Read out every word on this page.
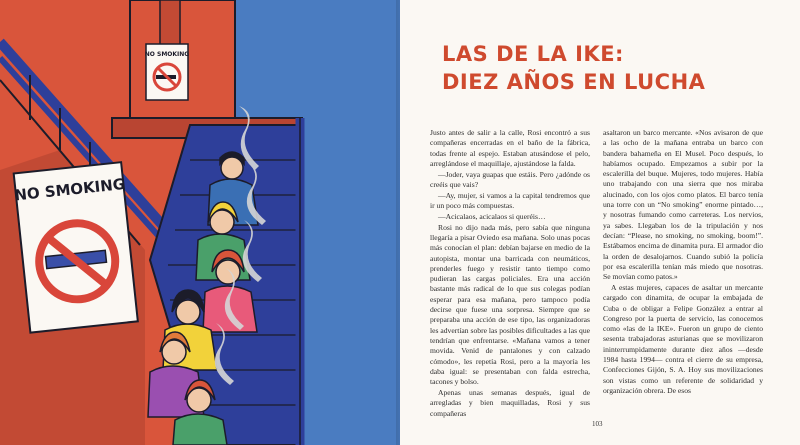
NO SMOKING
NO SMOKING
LAS DE LA IKE:
DIEZ AÑOS EN LUCHA

Justo antes de salir a la calle, Rosi encontró a sus compañeras encerradas en el baño de la fábrica, todas frente al espejo. Estaban atusándose el pelo, arreglándose el maquillaje, ajustándose la falda.

—Joder, vaya guapas que estáis. Pero ¿adónde os creéis que vais?

—Ay, mujer, si vamos a la capital tendremos que ir un poco más compuestas.

—Acicalaos, acicalaos si queréis…

Rosi no dijo nada más, pero sabía que ninguna llegaría a pisar Oviedo esa mañana. Solo unas pocas más conocían el plan: debían bajarse en medio de la autopista, montar una barricada con neumáticos, prenderles fuego y resistir tanto tiempo como pudieran las cargas policiales. Era una acción bastante más radical de lo que sus colegas podían esperar para esa mañana, pero tampoco podía decirse que fuese una sorpresa. Siempre que se preparaba una acción de ese tipo, las organizadoras les advertían sobre las posibles dificultades a las que tendrían que enfrentarse. «Mañana vamos a tener movida. Venid de pantalones y con calzado cómodo», les repetía Rosi, pero a la mayoría les daba igual: se presentaban con falda estrecha, tacones y bolso.

Apenas unas semanas después, igual de arregladas y bien maquilladas, Rosi y sus compañeras

asaltaron un barco mercante. «Nos avisaron de que a las ocho de la mañana entraba un barco con bandera bahameña en El Musel. Poco después, lo habíamos ocupado. Empezamos a subir por la escalerilla del buque. Mujeres, todo mujeres. Había uno trabajando con una sierra que nos miraba alucinado, con los ojos como platos. El barco tenía una torre con un “No smoking” enorme pintado…, y nosotras fumando como carreteras. Los nervios, ya sabes. Llegaban los de la tripulación y nos decían: “Please, no smoking, no smoking, boom!”. Estábamos encima de dinamita pura. El armador dio la orden de desalojarnos. Cuando subió la policía por esa escalerilla tenían más miedo que nosotras. Se movían como patos.»

A estas mujeres, capaces de asaltar un mercante cargado con dinamita, de ocupar la embajada de Cuba o de obligar a Felipe González a entrar al Congreso por la puerta de servicio, las conocemos como «las de la IKE». Fueron un grupo de ciento sesenta trabajadoras asturianas que se movilizaron ininterrumpidamente durante diez años —desde 1984 hasta 1994— contra el cierre de su empresa, Confecciones Gijón, S. A. Hoy sus movilizaciones son vistas como un referente de solidaridad y organización obrera. De esos

103
